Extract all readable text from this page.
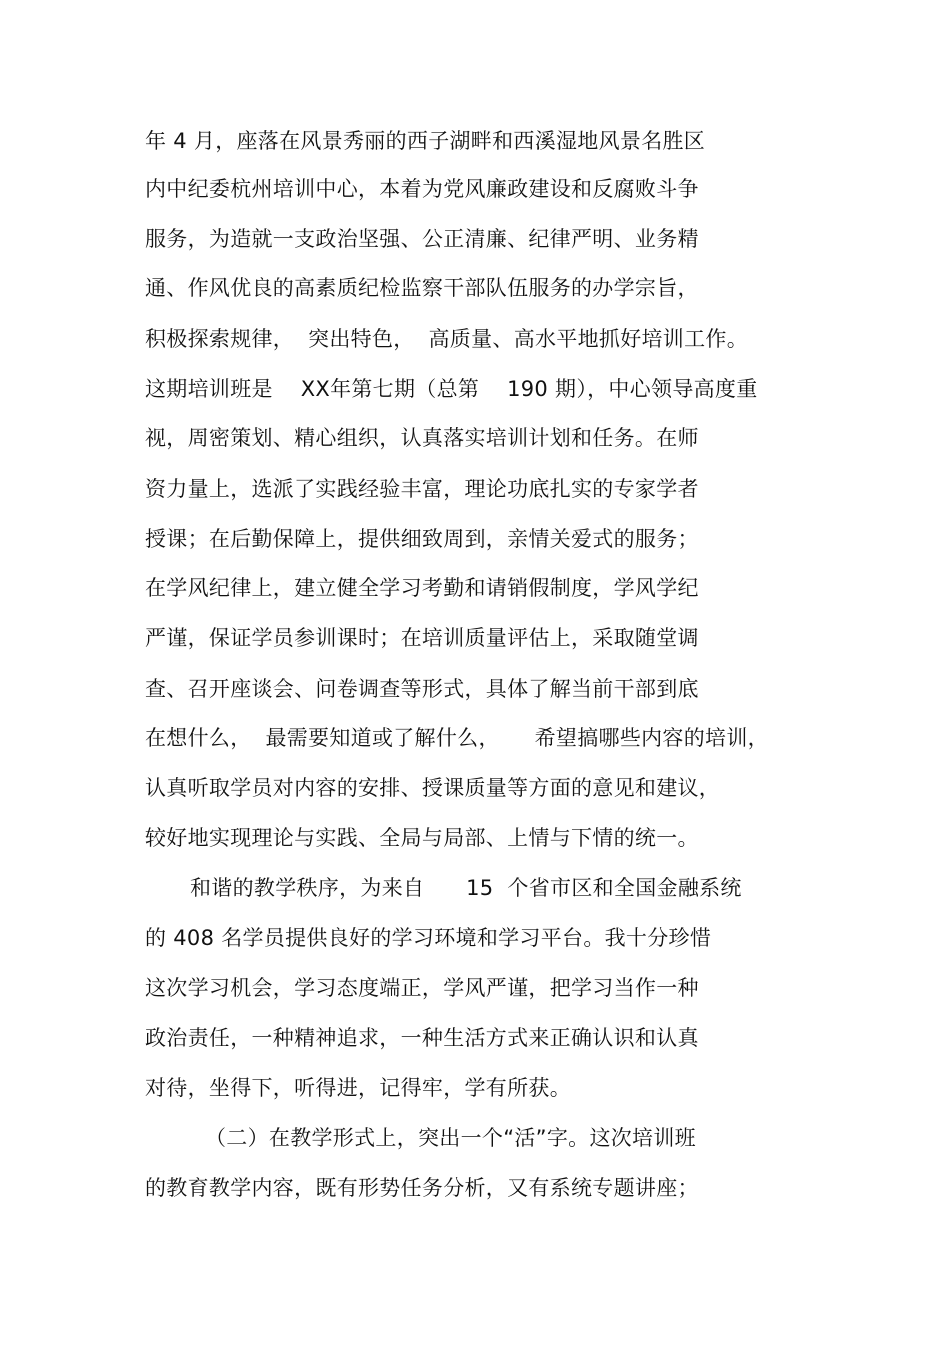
年 4 月，座落在风景秀丽的西子湖畔和西溪湿地风景名胜区
内中纪委杭州培训中心，本着为党风廉政建设和反腐败斗争
服务，为造就一支政治坚强、公正清廉、纪律严明、业务精
通、作风优良的高素质纪检监察干部队伍服务的办学宗旨，
积极探索规律，  突出特色，  高质量、高水平地抓好培训工作。
这期培训班是    XX年第七期（总第    190 期），中心领导高度重
视，周密策划、精心组织，认真落实培训计划和任务。在师
资力量上，选派了实践经验丰富，理论功底扎实的专家学者
授课；在后勤保障上，提供细致周到，亲情关爱式的服务；
在学风纪律上，建立健全学习考勤和请销假制度，学风学纪
严谨，保证学员参训课时；在培训质量评估上，采取随堂调
查、召开座谈会、问卷调查等形式，具体了解当前干部到底
在想什么，  最需要知道或了解什么，     希望搞哪些内容的培训，
认真听取学员对内容的安排、授课质量等方面的意见和建议，
较好地实现理论与实践、全局与局部、上情与下情的统一。
和谐的教学秩序，为来自      15  个省市区和全国金融系统
的 408 名学员提供良好的学习环境和学习平台。我十分珍惜
这次学习机会，学习态度端正，学风严谨，把学习当作一种
政治责任，一种精神追求，一种生活方式来正确认识和认真
对待，坐得下，听得进，记得牢，学有所获。
（二）在教学形式上，突出一个“活”字。这次培训班
的教育教学内容，既有形势任务分析，又有系统专题讲座；
